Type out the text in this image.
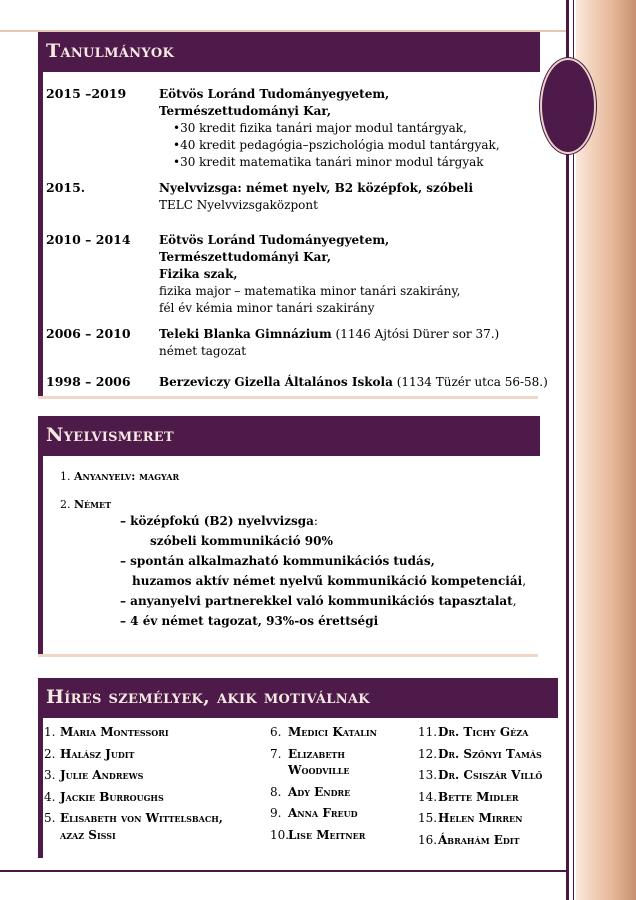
Tanulmányok
2015 –2019	Eötvös Loránd Tudományegyetem,
Természettudományi Kar,
•30 kredit fizika tanári major modul tantárgyak,
•40 kredit pedagógia–pszichológia modul tantárgyak,
•30 kredit matematika tanári minor modul tárgyak
2015.	Nyelvvizsga: német nyelv, B2 középfok, szóbeli
TELC Nyelvvizsgaközpont
2010 – 2014 Eötvös Loránd Tudományegyetem,
Természettudományi Kar,
Fizika szak,
fizika major – matematika minor tanári szakirány,
fél év kémia minor tanári szakirány
2006 – 2010 Teleki Blanka Gimnázium (1146 Ajtósi Dürer sor 37.)
német tagozat
1998 – 2006 Berzeviczy Gizella Általános Iskola (1134 Tüzér utca 56-58.)
Nyelvismeret
1. Anyanyelv: magyar
2. Német
– középfokú (B2) nyelvvizsga:
szóbeli kommunikáció 90%
– spontán alkalmazható kommunikációs tudás,
huzamos aktív német nyelvű kommunikáció kompetenciái,
– anyanyelvi partnerekkel való kommunikációs tapasztalat,
– 4 év német tagozat, 93%-os érettségi
Híres személyek, akik motiválnak
1. Maria Montessori
2. Halász Judit
3. Julie Andrews
4. Jackie Burroughs
5. Elisabeth von Wittelsbach,
azaz Sissi
6. Medici Katalin
7. Elizabeth
Woodville
8. Ady Endre
9. Anna Freud
10.Lise Meitner
11.Dr. Tichy Géza
12.Dr. Szőnyi Tamás
13.Dr. Csiszár Villő
14.Bette Midler
15.Helen Mirren
16.Ábrahám Edit
